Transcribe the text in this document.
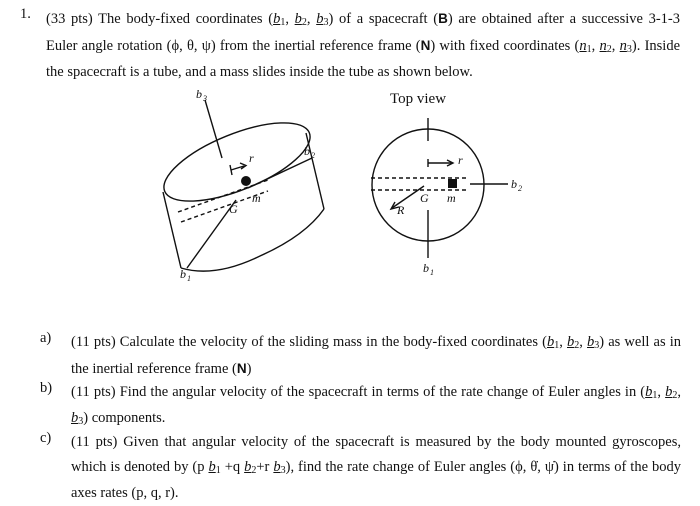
1. (33 pts) The body-fixed coordinates (b1, b2, b3) of a spacecraft (B) are obtained after a successive 3-1-3 Euler angle rotation (ϕ, θ, ψ) from the inertial reference frame (N) with fixed coordinates (n1, n2, n3). Inside the spacecraft is a tube, and a mass slides inside the tube as shown below.
Top view
b 3
b 2
b 1
r
m
G
r
G m
R
b 2
b 1
a) (11 pts) Calculate the velocity of the sliding mass in the body-fixed coordinates (b1, b2, b3) as well as in the inertial reference frame (N)
b) (11 pts) Find the angular velocity of the spacecraft in terms of the rate change of Euler angles in (b1, b2, b3) components.
c) (11 pts) Given that angular velocity of the spacecraft is measured by the body mounted gyroscopes, which is denoted by (p b1 +q b2+r b3), find the rate change of Euler angles (ϕ, θ̇, ψ̇) in terms of the body axes rates (p, q, r).
